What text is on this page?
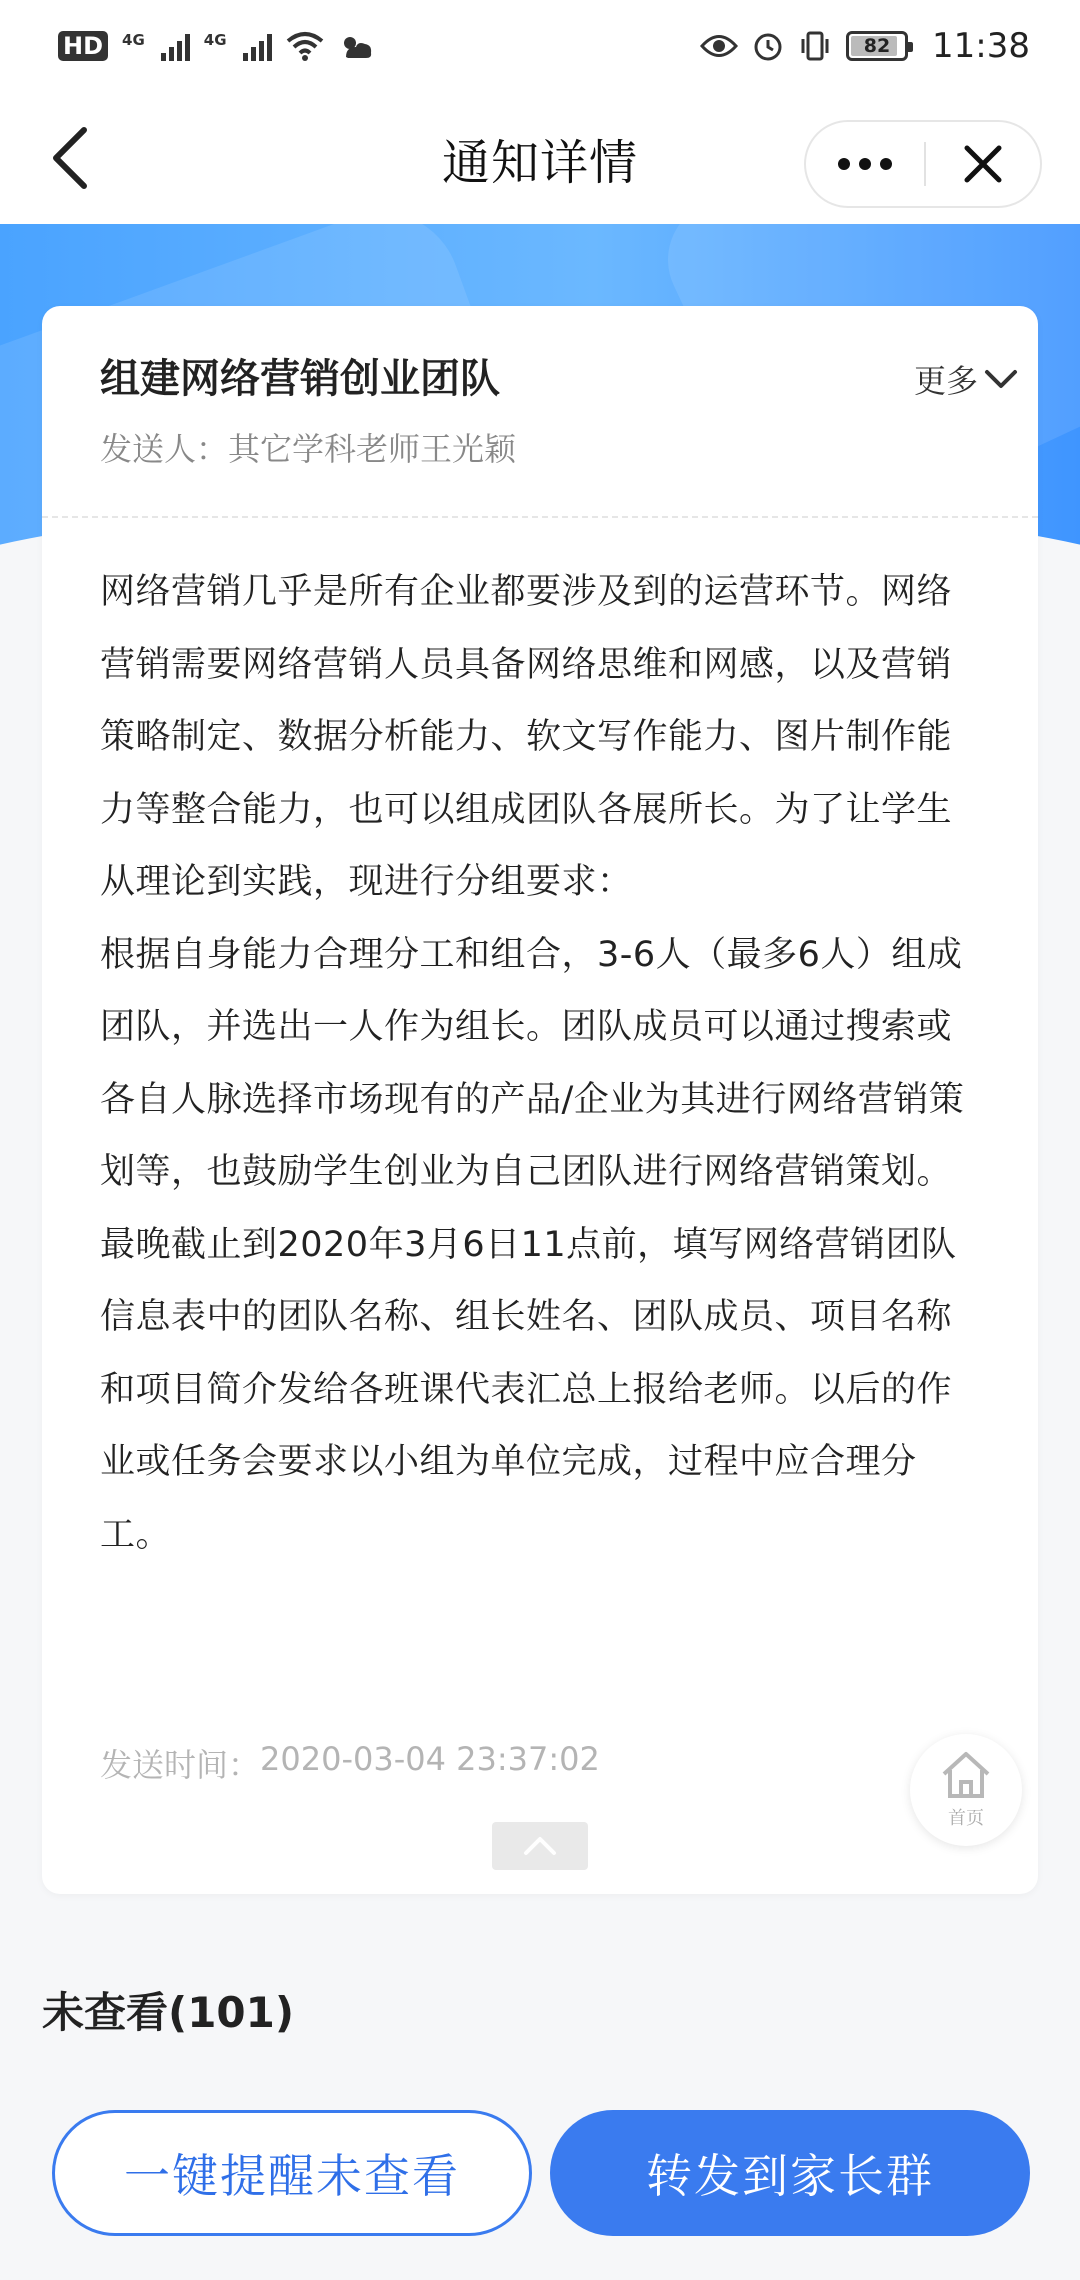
HD	4G	4G	82 11:38
通知详情
组建网络营销创业团队	更多
发送人： 其它学科老师王光颖

网络营销几乎是所有企业都要涉及到的运营环节。网络营销需要网络营销人员具备网络思维和网感，以及营销策略制定、数据分析能力、软文写作能力、图片制作能力等整合能力，也可以组成团队各展所长。为了让学生从理论到实践，现进行分组要求：

根据自身能力合理分工和组合，3-6人（最多6人）组成团队，并选出一人作为组长。团队成员可以通过搜索或各自人脉选择市场现有的产品/企业为其进行网络营销策划等，也鼓励学生创业为自己团队进行网络营销策划。

最晚截止到2020年3月6日11点前，填写网络营销团队信息表中的团队名称、组长姓名、团队成员、项目名称和项目简介发给各班课代表汇总上报给老师。以后的作业或任务会要求以小组为单位完成，过程中应合理分工。

发送时间： 2020-03-04 23:37:02
首页
未查看(101)
一键提醒未查看	转发到家长群
